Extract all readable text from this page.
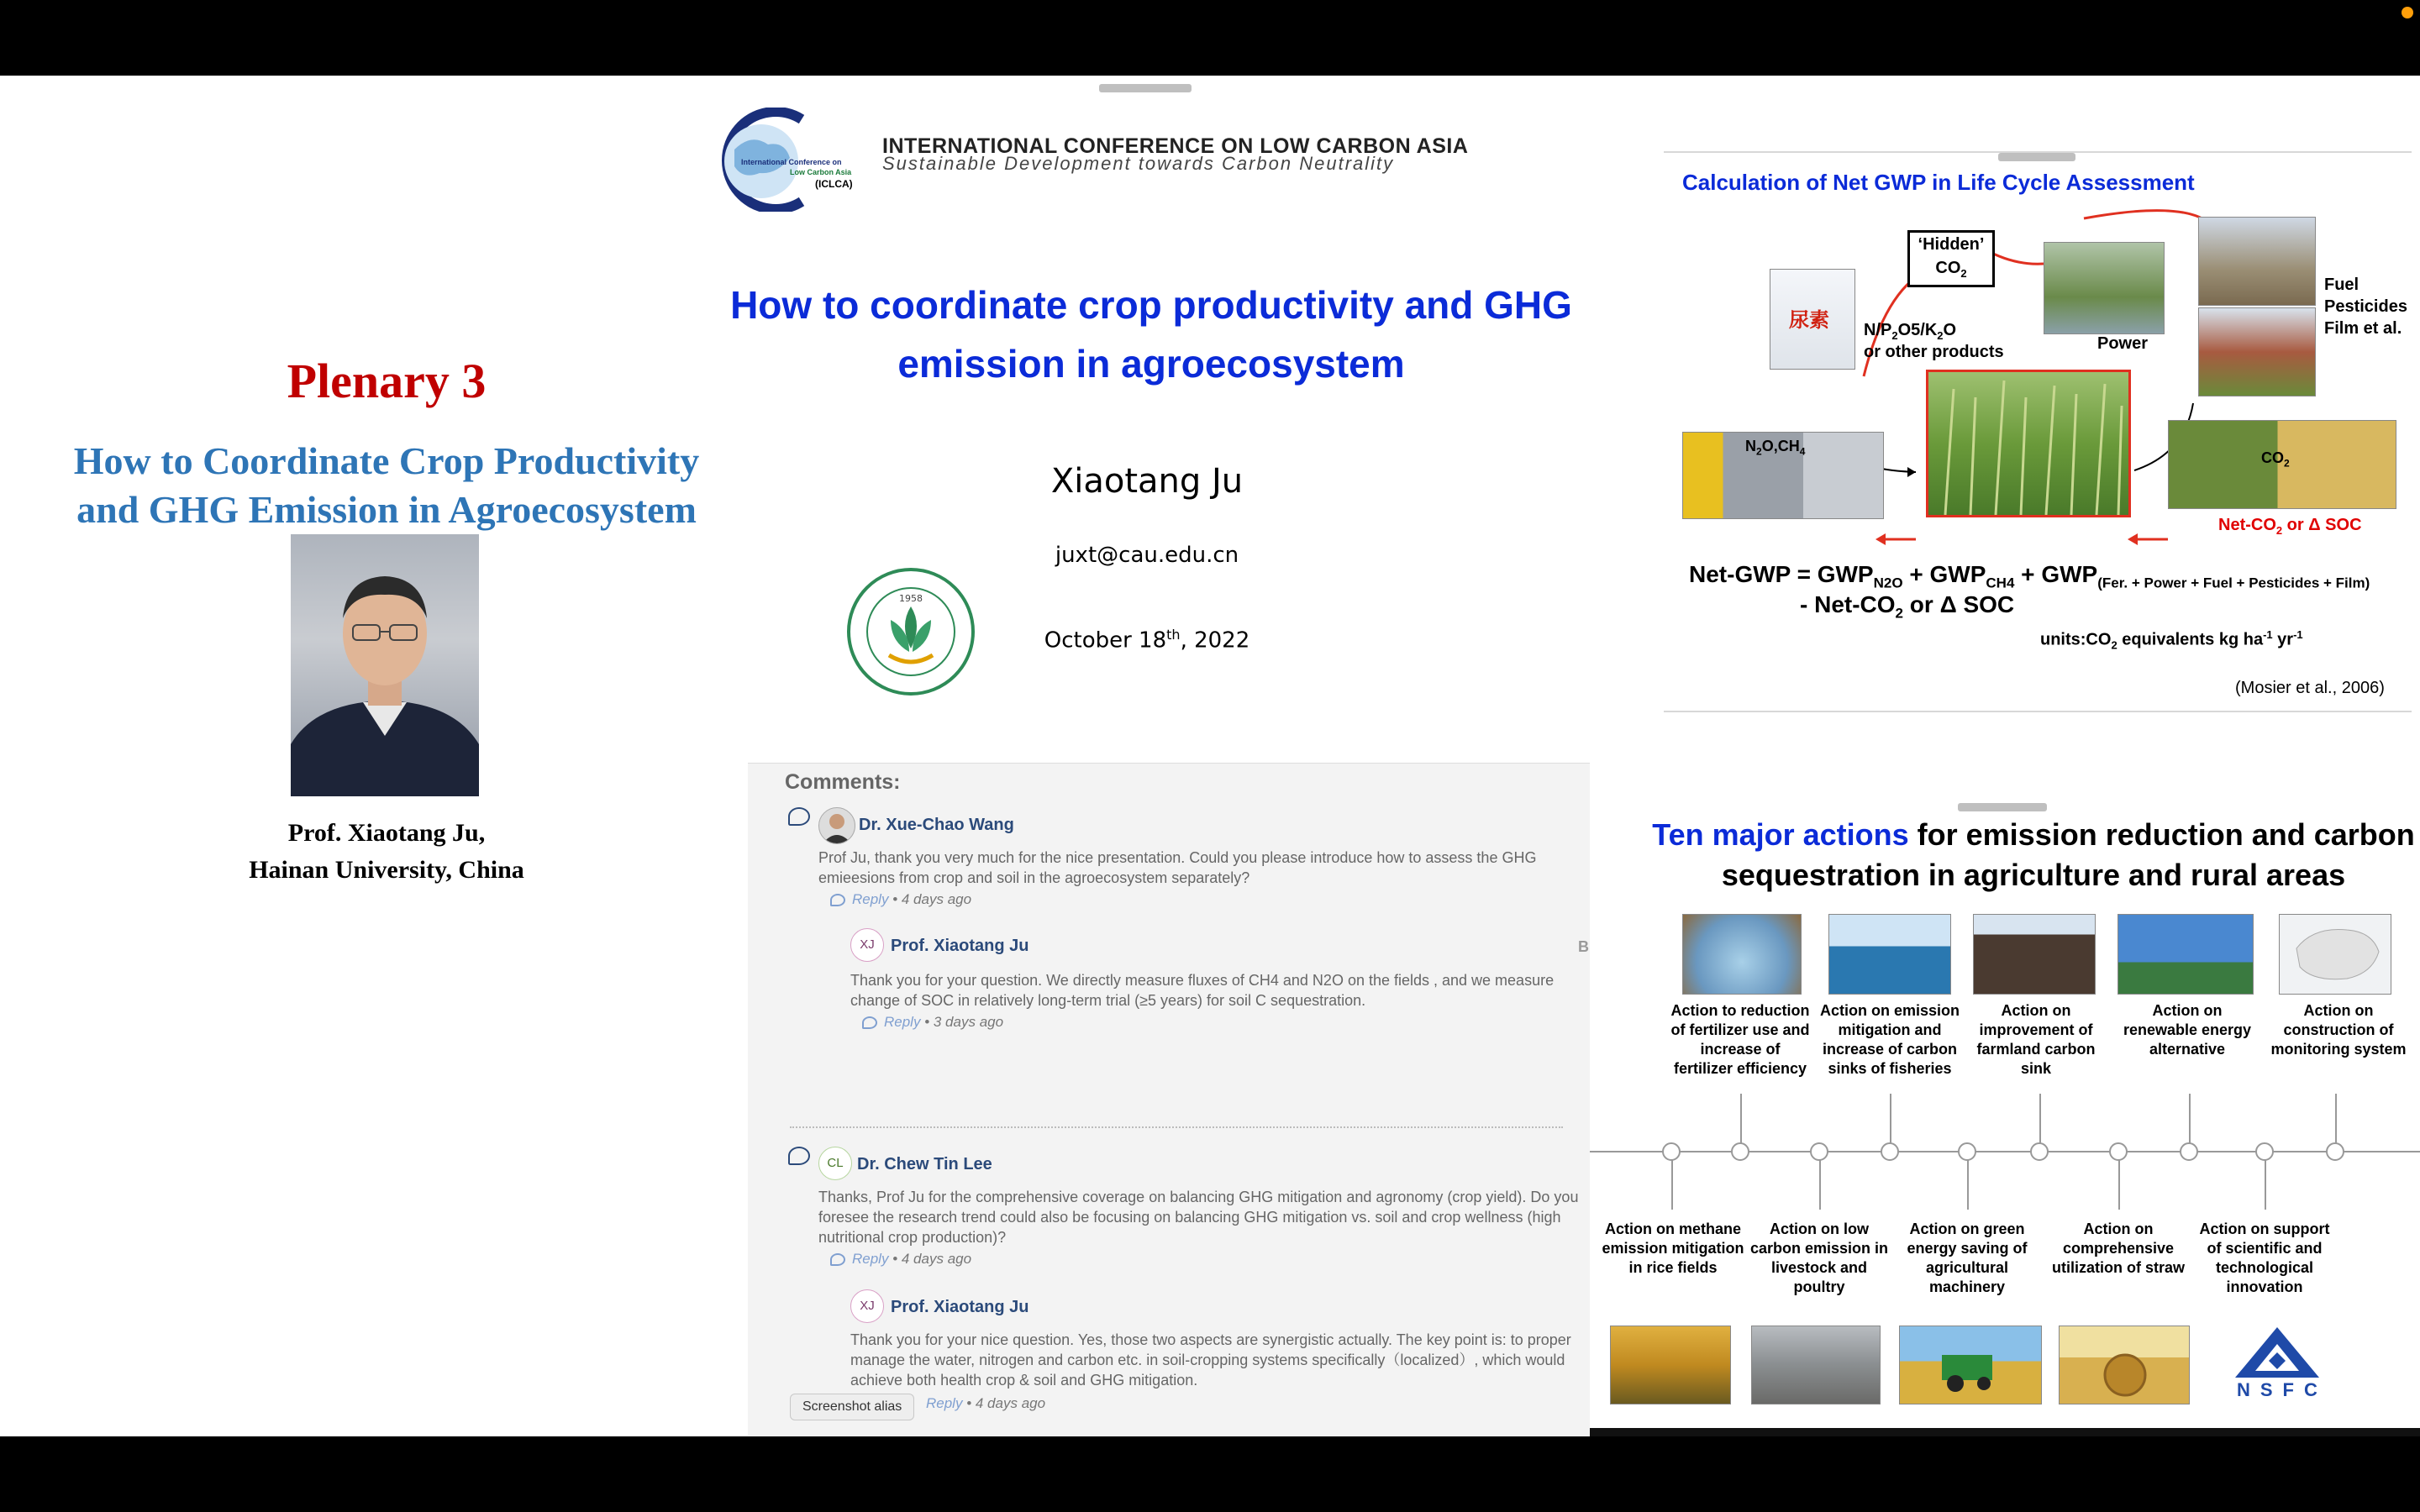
Plenary 3
How to Coordinate Crop Productivity
and GHG Emission in Agroecosystem
Prof. Xiaotang Ju,
Hainan University, China
International Conference on
Low Carbon Asia
(ICLCA)
INTERNATIONAL CONFERENCE ON LOW CARBON ASIA
Sustainable Development towards Carbon Neutrality
How to coordinate crop productivity and GHG
emission in agroecosystem
Xiaotang Ju
juxt@cau.edu.cn
October 18th, 2022
1958
Comments:
Dr. Xue-Chao Wang
Prof Ju, thank you very much for the nice presentation. Could you please introduce how to assess the GHG emieesions from crop and soil in the agroecosystem separately?
Reply • 4 days ago
XJ Prof. Xiaotang Ju
Thank you for your question. We directly measure fluxes of CH4 and N2O on the fields , and we measure change of SOC in relatively long-term trial (≥5 years) for soil C sequestration.
Reply • 3 days ago
CL Dr. Chew Tin Lee
Thanks, Prof Ju for the comprehensive coverage on balancing GHG mitigation and agronomy (crop yield). Do you foresee the research trend could also be focusing on balancing GHG mitigation vs. soil and crop wellness (high nutritional crop production)?
Reply • 4 days ago
XJ Prof. Xiaotang Ju
Thank you for your nice question. Yes, those two aspects are synergistic actually. The key point is: to proper manage the water, nitrogen and carbon etc. in soil-cropping systems specifically（localized）, which would achieve both health crop & soil and GHG mitigation.
Reply • 4 days ago
Screenshot alias
B
Calculation of Net GWP in Life Cycle Assessment
尿素
‘Hidden’
$CO_2$
$N/P_2O5/K_2O$
or other products	Power
Fuel
Pesticides
Film et al.
$N_2O,CH_4$	$CO_2$
Net-$CO_2$ or Δ SOC
$Net-GWP = GWP_{N2O} + GWP_{CH4} + GWP_{(Fer. + Power + Fuel + Pesticides + Film)}$
- Net-$CO_2$ or Δ SOC
$units:CO_2$ equivalents kg $ha^{-1}$ $yr^{-1}$
(Mosier et al., 2006)
Ten major actions for emission reduction and carbon
sequestration in agriculture and rural areas
Action to reduction of fertilizer use and increase of fertilizer efficiency
Action on emission mitigation and increase of carbon sinks of fisheries
Action on improvement of farmland carbon sink
Action on renewable energy alternative
Action on construction of monitoring system
Action on methane emission mitigation in rice fields
Action on low carbon emission in livestock and poultry
Action on green energy saving of agricultural machinery
Action on comprehensive utilization of straw
Action on support of scientific and technological innovation
NSFC
